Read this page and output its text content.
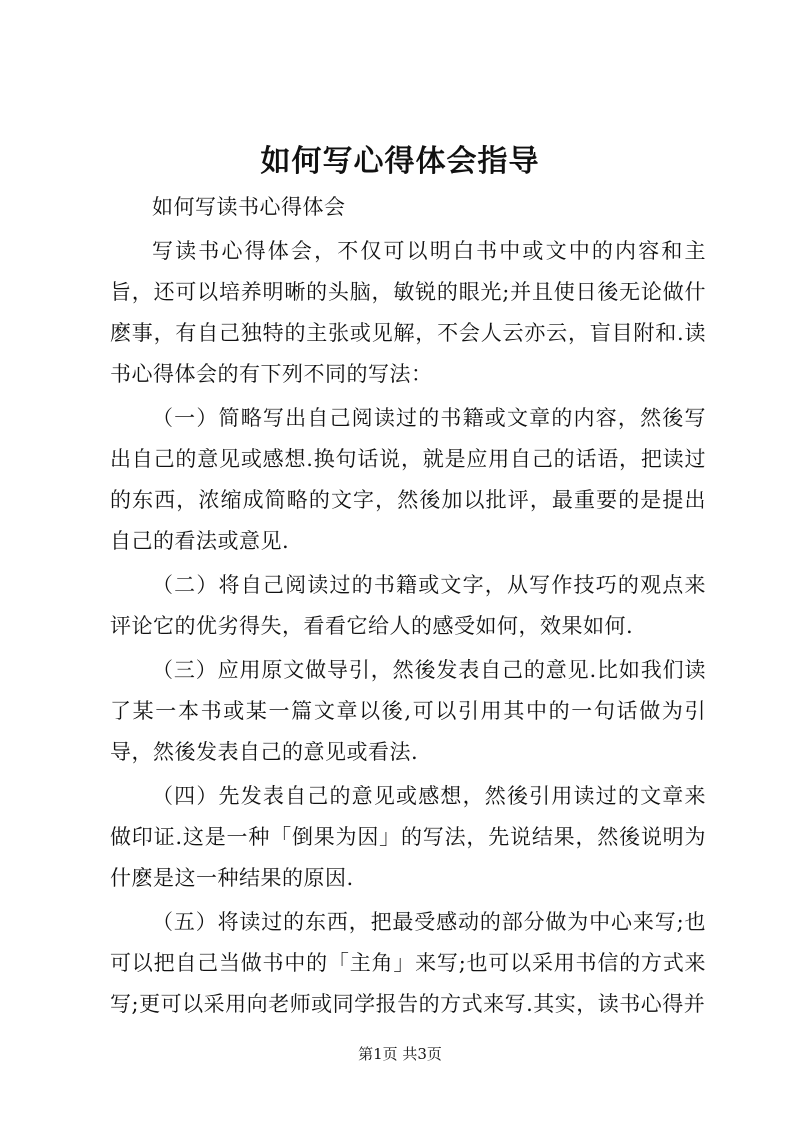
如何写心得体会指导

如何写读书心得体会

写读书心得体会，不仅可以明白书中或文中的内容和主旨，还可以培养明晰的头脑，敏锐的眼光;并且使日後无论做什麽事，有自己独特的主张或见解，不会人云亦云，盲目附和.读书心得体会的有下列不同的写法：

（一）简略写出自己阅读过的书籍或文章的内容，然後写出自己的意见或感想.换句话说，就是应用自己的话语，把读过的东西，浓缩成简略的文字，然後加以批评，最重要的是提出自己的看法或意见.

（二）将自己阅读过的书籍或文字，从写作技巧的观点来评论它的优劣得失，看看它给人的感受如何，效果如何.

（三）应用原文做导引，然後发表自己的意见.比如我们读了某一本书或某一篇文章以後,可以引用其中的一句话做为引导，然後发表自己的意见或看法.

（四）先发表自己的意见或感想，然後引用读过的文章来做印证.这是一种「倒果为因」的写法，先说结果，然後说明为什麽是这一种结果的原因.

（五）将读过的东西，把最受感动的部分做为中心来写;也可以把自己当做书中的「主角」来写;也可以采用书信的方式来写;更可以采用向老师或同学报告的方式来写.其实，读书心得并

第1页 共3页
